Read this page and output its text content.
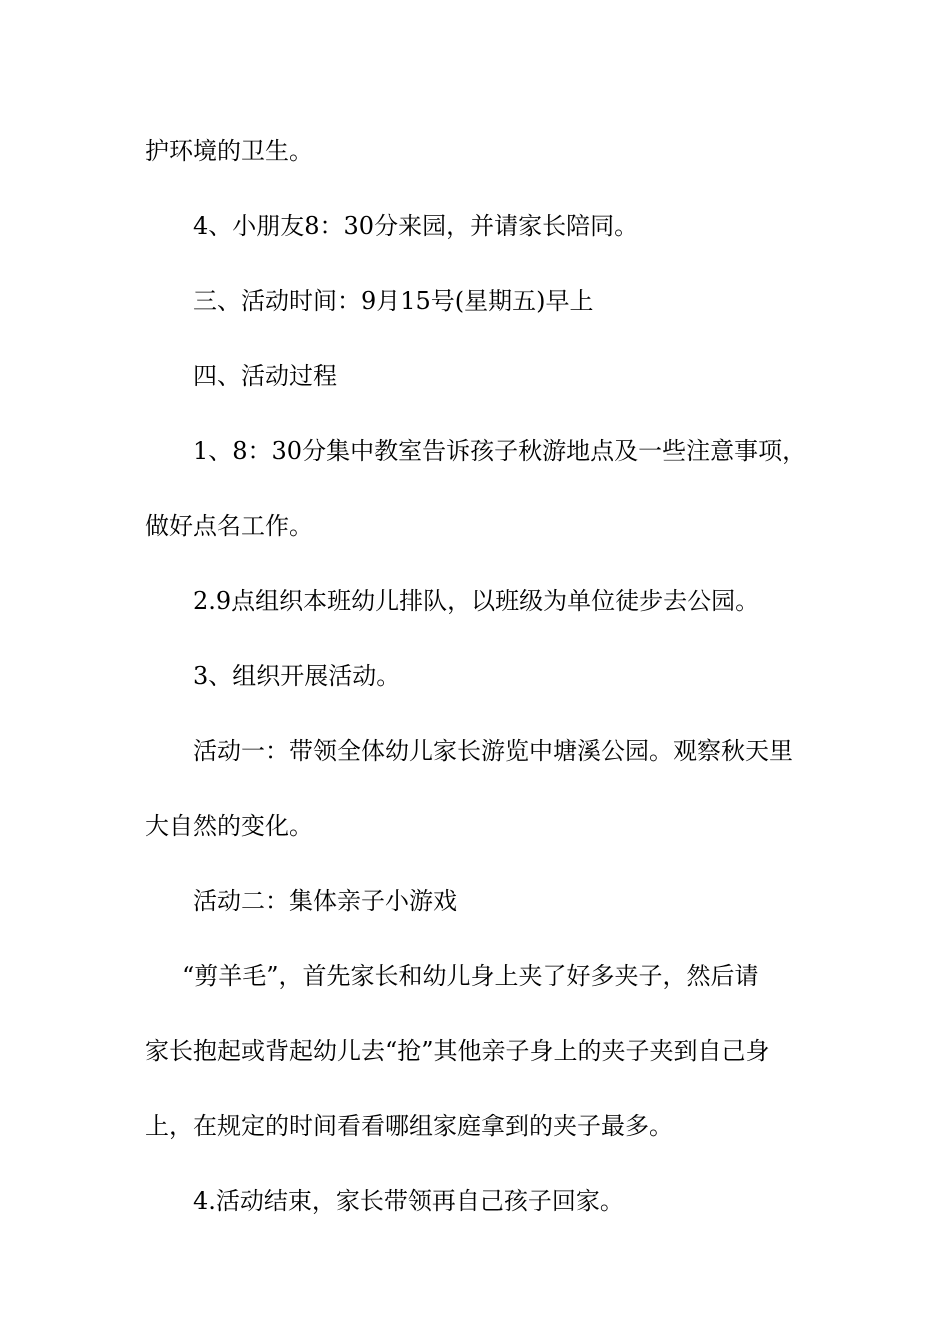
护环境的卫生。
4、小朋友8：30分来园，并请家长陪同。
三、活动时间：9月15号(星期五)早上
四、活动过程
1、8：30分集中教室告诉孩子秋游地点及一些注意事项，
做好点名工作。
2.9点组织本班幼儿排队，以班级为单位徒步去公园。
3、组织开展活动。
活动一：带领全体幼儿家长游览中塘溪公园。观察秋天里
大自然的变化。
活动二：集体亲子小游戏
“剪羊毛”，首先家长和幼儿身上夹了好多夹子，然后请
家长抱起或背起幼儿去“抢”其他亲子身上的夹子夹到自己身
上，在规定的时间看看哪组家庭拿到的夹子最多。
4.活动结束，家长带领再自己孩子回家。
